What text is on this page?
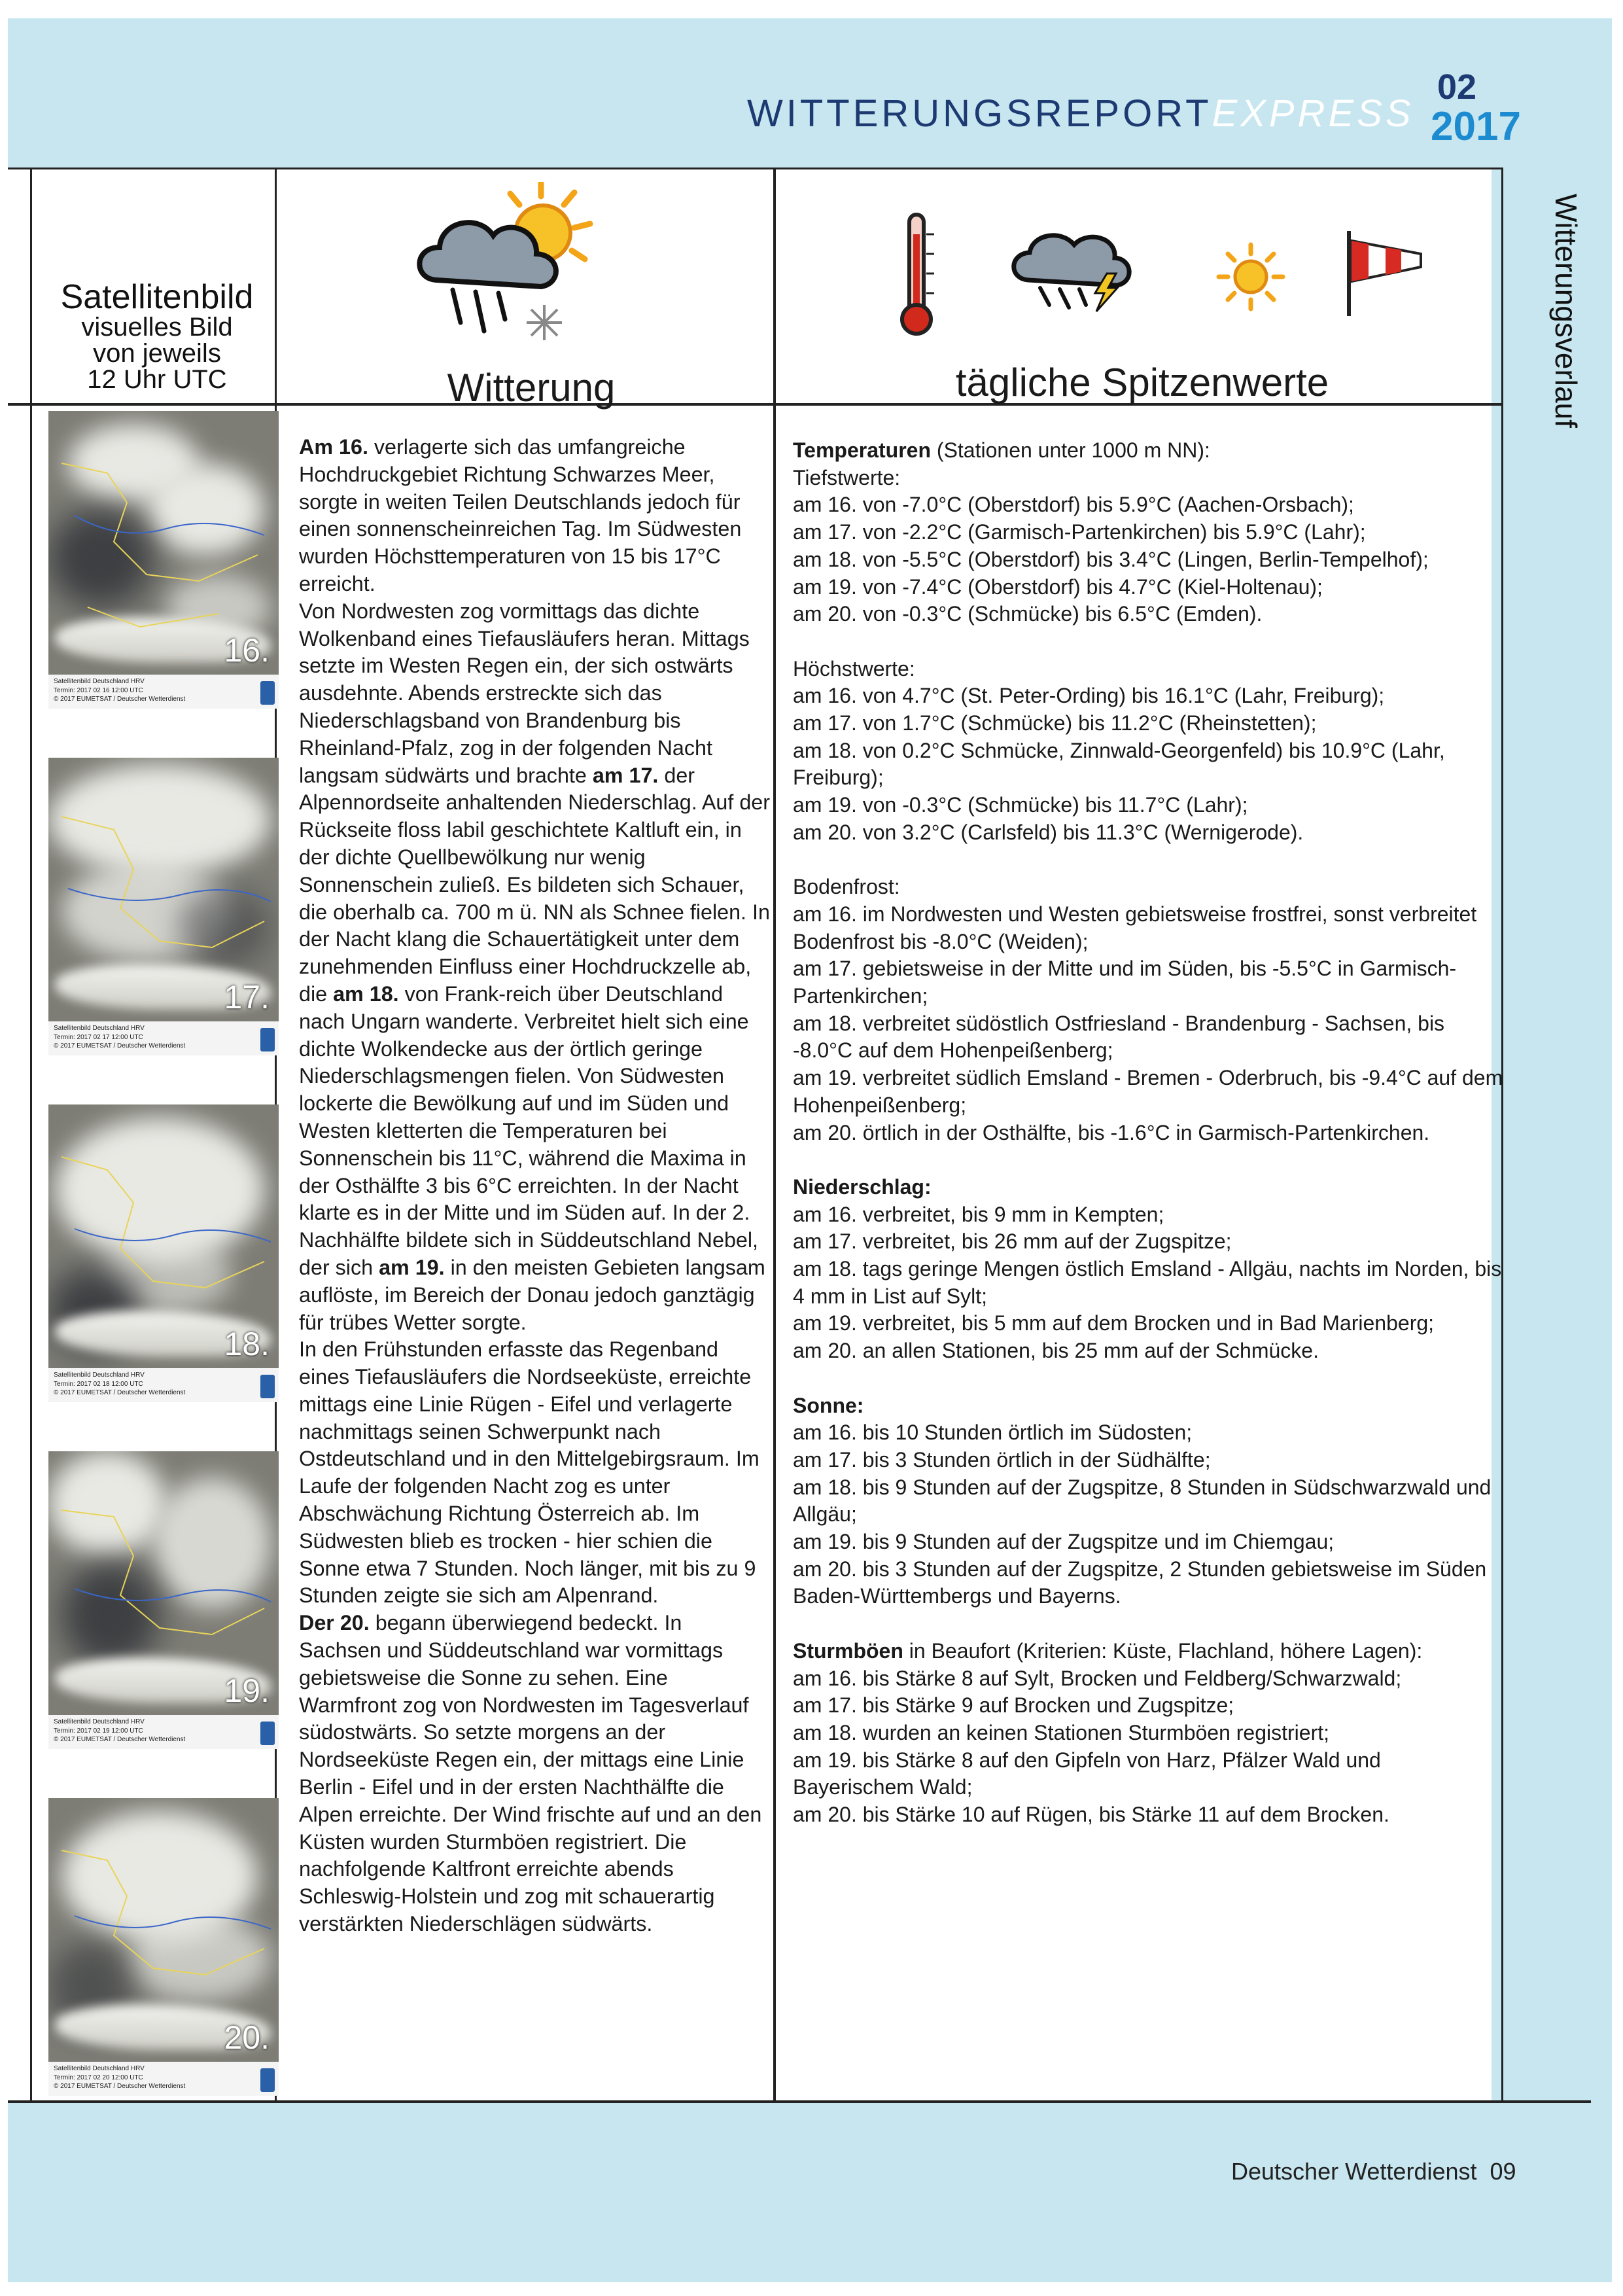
WITTERUNGSREPORTEXPRESS
02
2017
Witterungsverlauf
Satellitenbild
visuelles Bild
von jeweils
12 Uhr UTC	Witterung	tägliche Spitzenwerte
16.
Satellitenbild Deutschland HRV
Termin: 2017 02 16 12:00 UTC
© 2017 EUMETSAT / Deutscher Wetterdienst
17.
Satellitenbild Deutschland HRV
Termin: 2017 02 17 12:00 UTC
© 2017 EUMETSAT / Deutscher Wetterdienst
18.
Satellitenbild Deutschland HRV
Termin: 2017 02 18 12:00 UTC
© 2017 EUMETSAT / Deutscher Wetterdienst
19.
Satellitenbild Deutschland HRV
Termin: 2017 02 19 12:00 UTC
© 2017 EUMETSAT / Deutscher Wetterdienst
20.
Satellitenbild Deutschland HRV
Termin: 2017 02 20 12:00 UTC
© 2017 EUMETSAT / Deutscher Wetterdienst
Am 16. verlagerte sich das umfangreiche Hochdruckgebiet Richtung Schwarzes Meer, sorgte in weiten Teilen Deutschlands jedoch für einen sonnenscheinreichen Tag. Im Südwesten wurden Höchsttemperaturen von 15 bis 17°C erreicht.
Von Nordwesten zog vormittags das dichte Wolkenband eines Tiefausläufers heran. Mittags setzte im Westen Regen ein, der sich ostwärts ausdehnte. Abends erstreckte sich das Niederschlagsband von Brandenburg bis Rheinland-Pfalz, zog in der folgenden Nacht langsam südwärts und brachte am 17. der Alpennordseite anhaltenden Niederschlag. Auf der Rückseite floss labil geschichtete Kaltluft ein, in der dichte Quellbewölkung nur wenig Sonnenschein zuließ. Es bildeten sich Schauer, die oberhalb ca. 700 m ü. NN als Schnee fielen. In der Nacht klang die Schauertätigkeit unter dem zunehmenden Einfluss einer Hochdruckzelle ab, die am 18. von Frank-reich über Deutschland nach Ungarn wanderte. Verbreitet hielt sich eine dichte Wolkendecke aus der örtlich geringe Niederschlagsmengen fielen. Von Südwesten lockerte die Bewölkung auf und im Süden und Westen kletterten die Temperaturen bei Sonnenschein bis 11°C, während die Maxima in der Osthälfte 3 bis 6°C erreichten. In der Nacht klarte es in der Mitte und im Süden auf. In der 2. Nachhälfte bildete sich in Süddeutschland Nebel, der sich am 19. in den meisten Gebieten langsam auflöste, im Bereich der Donau jedoch ganztägig für trübes Wetter sorgte.
In den Frühstunden erfasste das Regenband eines Tiefausläufers die Nordseeküste, erreichte mittags eine Linie Rügen - Eifel und verlagerte nachmittags seinen Schwerpunkt nach Ostdeutschland und in den Mittelgebirgsraum. Im Laufe der folgenden Nacht zog es unter Abschwächung Richtung Österreich ab. Im Südwesten blieb es trocken - hier schien die Sonne etwa 7 Stunden. Noch länger, mit bis zu 9 Stunden zeigte sie sich am Alpenrand.
Der 20. begann überwiegend bedeckt. In Sachsen und Süddeutschland war vormittags gebietsweise die Sonne zu sehen. Eine Warmfront zog von Nordwesten im Tagesverlauf südostwärts. So setzte morgens an der Nordseeküste Regen ein, der mittags eine Linie Berlin - Eifel und in der ersten Nachthälfte die Alpen erreichte. Der Wind frischte auf und an den Küsten wurden Sturmböen registriert. Die nachfolgende Kaltfront erreichte abends Schleswig-Holstein und zog mit schauerartig verstärkten Niederschlägen südwärts.
Temperaturen (Stationen unter 1000 m NN):
Tiefstwerte:
am 16. von -7.0°C (Oberstdorf) bis 5.9°C (Aachen-Orsbach);
am 17. von -2.2°C (Garmisch-Partenkirchen) bis 5.9°C (Lahr);
am 18. von -5.5°C (Oberstdorf) bis 3.4°C (Lingen, Berlin-Tempelhof);
am 19. von -7.4°C (Oberstdorf) bis 4.7°C (Kiel-Holtenau);
am 20. von -0.3°C (Schmücke) bis 6.5°C (Emden).
Höchstwerte:
am 16. von 4.7°C (St. Peter-Ording) bis 16.1°C (Lahr, Freiburg);
am 17. von 1.7°C (Schmücke) bis 11.2°C (Rheinstetten);
am 18. von 0.2°C Schmücke, Zinnwald-Georgenfeld) bis 10.9°C (Lahr, Freiburg);
am 19. von -0.3°C (Schmücke) bis 11.7°C (Lahr);
am 20. von 3.2°C (Carlsfeld) bis 11.3°C (Wernigerode).
Bodenfrost:
am 16. im Nordwesten und Westen gebietsweise frostfrei, sonst verbreitet Bodenfrost bis -8.0°C (Weiden);
am 17. gebietsweise in der Mitte und im Süden, bis -5.5°C in Garmisch-Partenkirchen;
am 18. verbreitet südöstlich Ostfriesland - Brandenburg - Sachsen, bis -8.0°C auf dem Hohenpeißenberg;
am 19. verbreitet südlich Emsland - Bremen - Oderbruch, bis -9.4°C auf dem Hohenpeißenberg;
am 20. örtlich in der Osthälfte, bis -1.6°C in Garmisch-Partenkirchen.
Niederschlag:
am 16. verbreitet, bis 9 mm in Kempten;
am 17. verbreitet, bis 26 mm auf der Zugspitze;
am 18. tags geringe Mengen östlich Emsland - Allgäu, nachts im Norden, bis 4 mm in List auf Sylt;
am 19. verbreitet, bis 5 mm auf dem Brocken und in Bad Marienberg;
am 20. an allen Stationen, bis 25 mm auf der Schmücke.
Sonne:
am 16. bis 10 Stunden örtlich im Südosten;
am 17. bis 3 Stunden örtlich in der Südhälfte;
am 18. bis 9 Stunden auf der Zugspitze, 8 Stunden in Südschwarzwald und Allgäu;
am 19. bis 9 Stunden auf der Zugspitze und im Chiemgau;
am 20. bis 3 Stunden auf der Zugspitze, 2 Stunden gebietsweise im Süden Baden-Württembergs und Bayerns.
Sturmböen in Beaufort (Kriterien: Küste, Flachland, höhere Lagen):
am 16. bis Stärke 8 auf Sylt, Brocken und Feldberg/Schwarzwald;
am 17. bis Stärke 9 auf Brocken und Zugspitze;
am 18. wurden an keinen Stationen Sturmböen registriert;
am 19. bis Stärke 8 auf den Gipfeln von Harz, Pfälzer Wald und Bayerischem Wald;
am 20. bis Stärke 10 auf Rügen, bis Stärke 11 auf dem Brocken.
Deutscher Wetterdienst 09
